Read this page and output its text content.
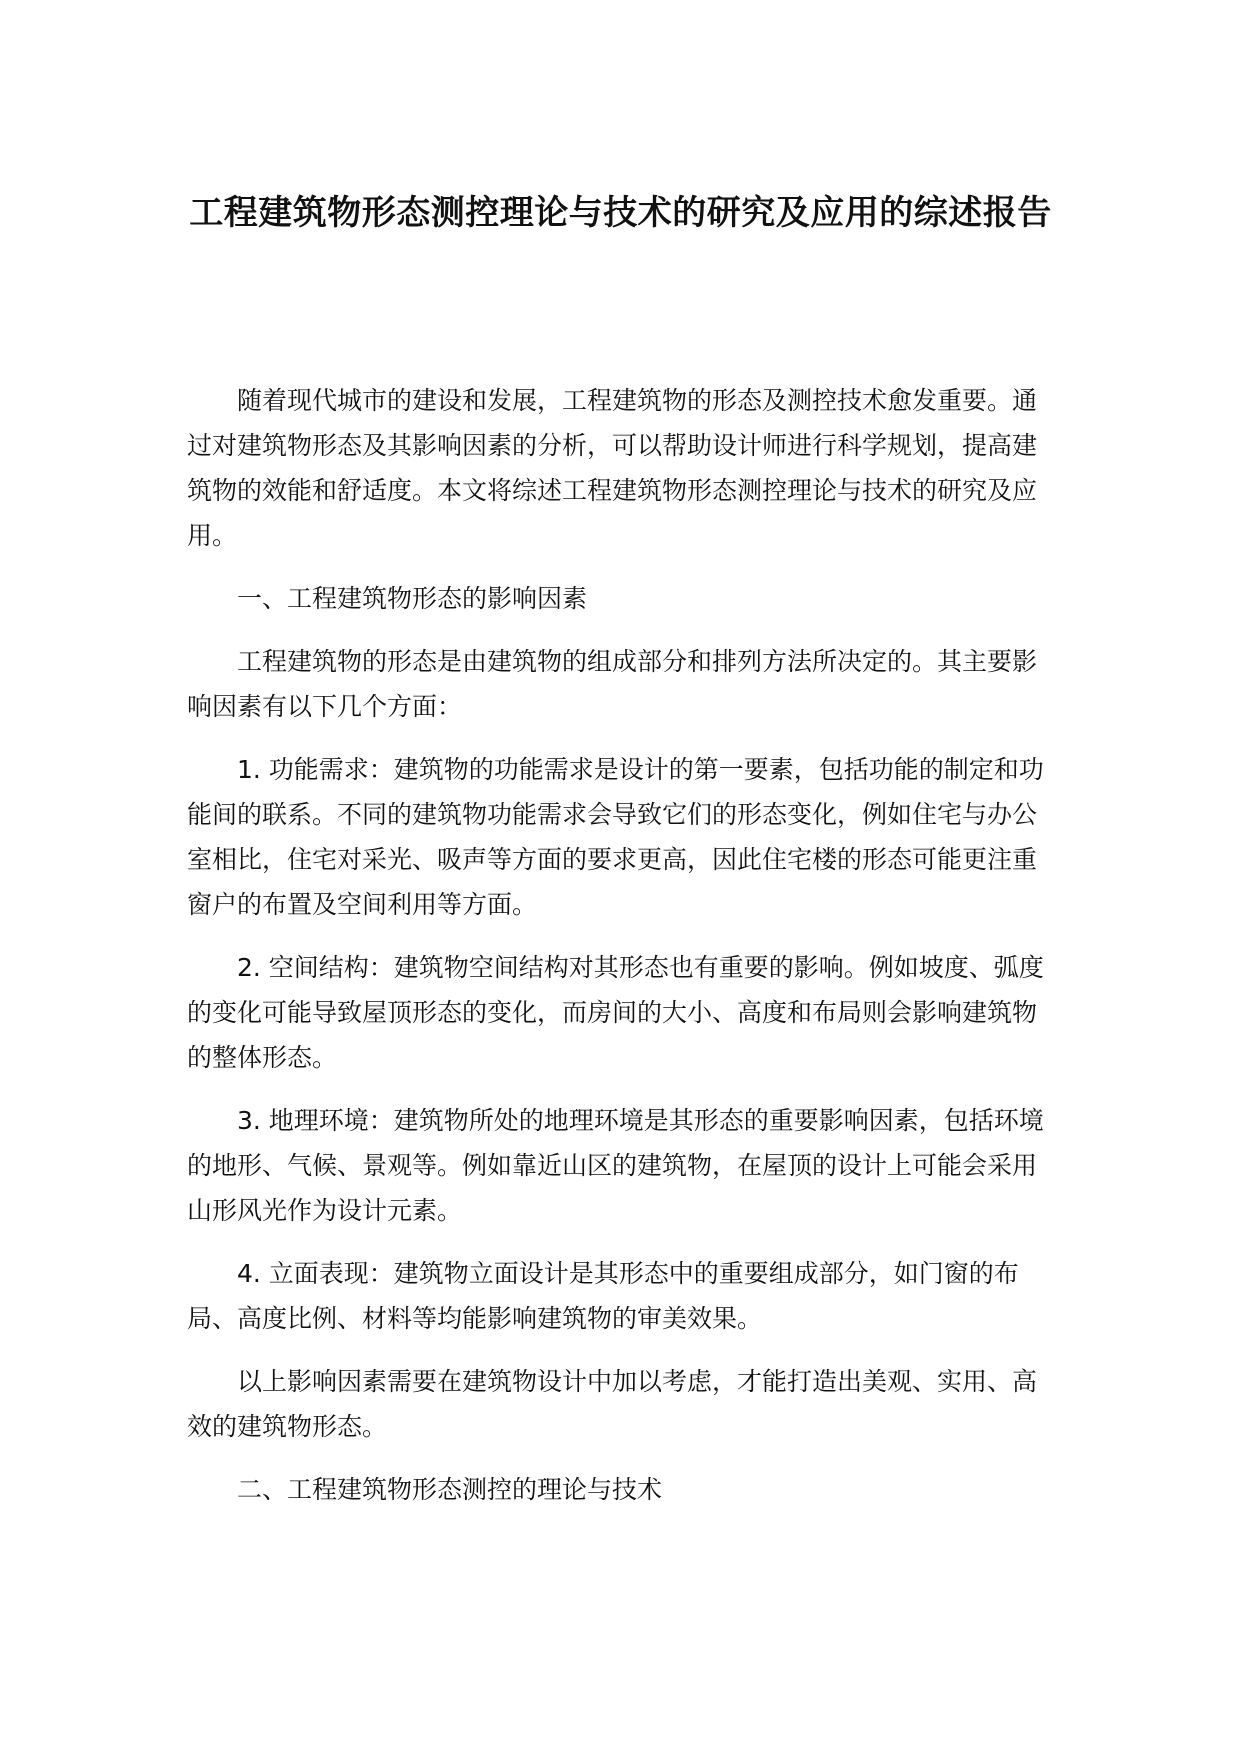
工程建筑物形态测控理论与技术的研究及应用的综述报告

随着现代城市的建设和发展，工程建筑物的形态及测控技术愈发重要。通过对建筑物形态及其影响因素的分析，可以帮助设计师进行科学规划，提高建筑物的效能和舒适度。本文将综述工程建筑物形态测控理论与技术的研究及应用。

一、工程建筑物形态的影响因素

工程建筑物的形态是由建筑物的组成部分和排列方法所决定的。其主要影响因素有以下几个方面：

1. 功能需求：建筑物的功能需求是设计的第一要素，包括功能的制定和功能间的联系。不同的建筑物功能需求会导致它们的形态变化，例如住宅与办公室相比，住宅对采光、吸声等方面的要求更高，因此住宅楼的形态可能更注重窗户的布置及空间利用等方面。

2. 空间结构：建筑物空间结构对其形态也有重要的影响。例如坡度、弧度的变化可能导致屋顶形态的变化，而房间的大小、高度和布局则会影响建筑物的整体形态。

3. 地理环境：建筑物所处的地理环境是其形态的重要影响因素，包括环境的地形、气候、景观等。例如靠近山区的建筑物，在屋顶的设计上可能会采用山形风光作为设计元素。

4. 立面表现：建筑物立面设计是其形态中的重要组成部分，如门窗的布局、高度比例、材料等均能影响建筑物的审美效果。

以上影响因素需要在建筑物设计中加以考虑，才能打造出美观、实用、高效的建筑物形态。

二、工程建筑物形态测控的理论与技术
